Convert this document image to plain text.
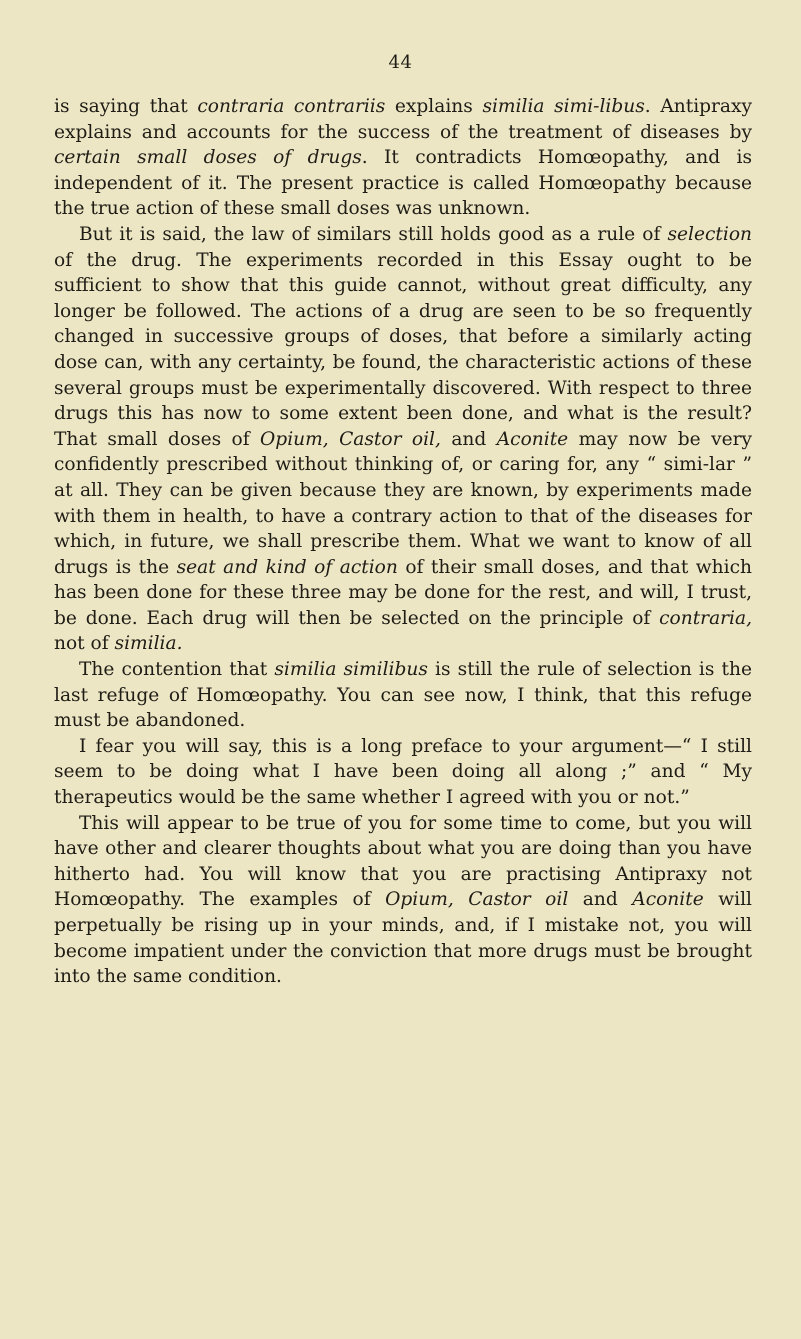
44

is saying that contraria contrariis explains similia simi-libus. Antipraxy explains and accounts for the success of the treatment of diseases by certain small doses of drugs. It contradicts Homœopathy, and is independent of it. The present practice is called Homœopathy because the true action of these small doses was unknown.

But it is said, the law of similars still holds good as a rule of selection of the drug. The experiments recorded in this Essay ought to be sufficient to show that this guide cannot, without great difficulty, any longer be followed. The actions of a drug are seen to be so frequently changed in successive groups of doses, that before a similarly acting dose can, with any certainty, be found, the characteristic actions of these several groups must be experimentally discovered. With respect to three drugs this has now to some extent been done, and what is the result? That small doses of Opium, Castor oil, and Aconite may now be very confidently prescribed without thinking of, or caring for, any “ simi-lar ” at all. They can be given because they are known, by experiments made with them in health, to have a contrary action to that of the diseases for which, in future, we shall prescribe them. What we want to know of all drugs is the seat and kind of action of their small doses, and that which has been done for these three may be done for the rest, and will, I trust, be done. Each drug will then be selected on the principle of contraria, not of similia.

The contention that similia similibus is still the rule of selection is the last refuge of Homœopathy. You can see now, I think, that this refuge must be abandoned.

I fear you will say, this is a long preface to your argument—“ I still seem to be doing what I have been doing all along ;” and “ My therapeutics would be the same whether I agreed with you or not.”

This will appear to be true of you for some time to come, but you will have other and clearer thoughts about what you are doing than you have hitherto had. You will know that you are practising Antipraxy not Homœopathy. The examples of Opium, Castor oil and Aconite will perpetually be rising up in your minds, and, if I mistake not, you will become impatient under the conviction that more drugs must be brought into the same condition.
